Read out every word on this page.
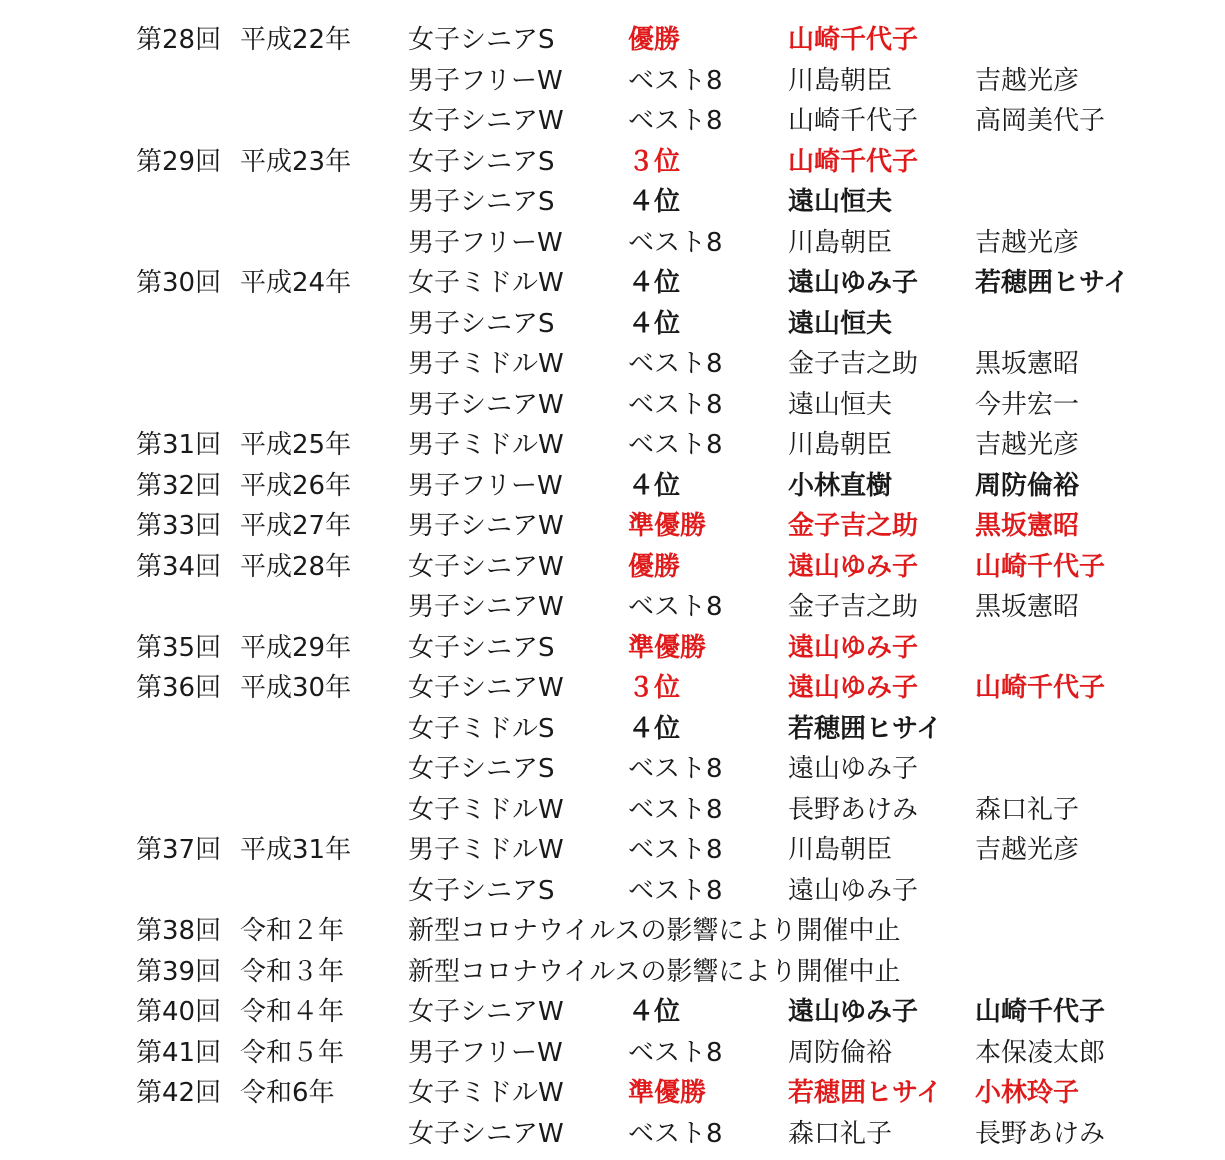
第28回 平成22年 女子シニアS	優勝	山崎千代子
男子フリーW	ベスト8	川島朝臣	吉越光彦
女子シニアW ベスト8	山崎千代子 高岡美代子
第29回 平成23年 女子シニアS	３位	山崎千代子
男子シニアS	４位	遠山恒夫
男子フリーW	ベスト8	川島朝臣	吉越光彦
第30回 平成24年 女子ミドルW ４位	遠山ゆみ子 若穂囲ヒサイ
男子シニアS	４位	遠山恒夫
男子ミドルW ベスト8	金子吉之助 黒坂憲昭
男子シニアW ベスト8	遠山恒夫	今井宏一
第31回 平成25年 男子ミドルW ベスト8	川島朝臣	吉越光彦
第32回 平成26年 男子フリーW	４位	小林直樹	周防倫裕
第33回 平成27年 男子シニアW 準優勝	金子吉之助 黒坂憲昭
第34回 平成28年 女子シニアW 優勝	遠山ゆみ子 山崎千代子
男子シニアW ベスト8	金子吉之助 黒坂憲昭
第35回 平成29年 女子シニアS	準優勝	遠山ゆみ子
第36回 平成30年 女子シニアW ３位	遠山ゆみ子 山崎千代子
女子ミドルS	４位	若穂囲ヒサイ
女子シニアS	ベスト8	遠山ゆみ子
女子ミドルW ベスト8	長野あけみ 森口礼子
第37回 平成31年 男子ミドルW ベスト8	川島朝臣	吉越光彦
女子シニアS	ベスト8	遠山ゆみ子
第38回 令和２年 新型コロナウイルスの影響により開催中止
第39回 令和３年 新型コロナウイルスの影響により開催中止
第40回 令和４年 女子シニアW ４位	遠山ゆみ子 山崎千代子
第41回 令和５年 男子フリーW	ベスト8	周防倫裕	本保凌太郎
第42回 令和6年	女子ミドルW 準優勝	若穂囲ヒサイ 小林玲子
女子シニアW ベスト8	森口礼子	長野あけみ
